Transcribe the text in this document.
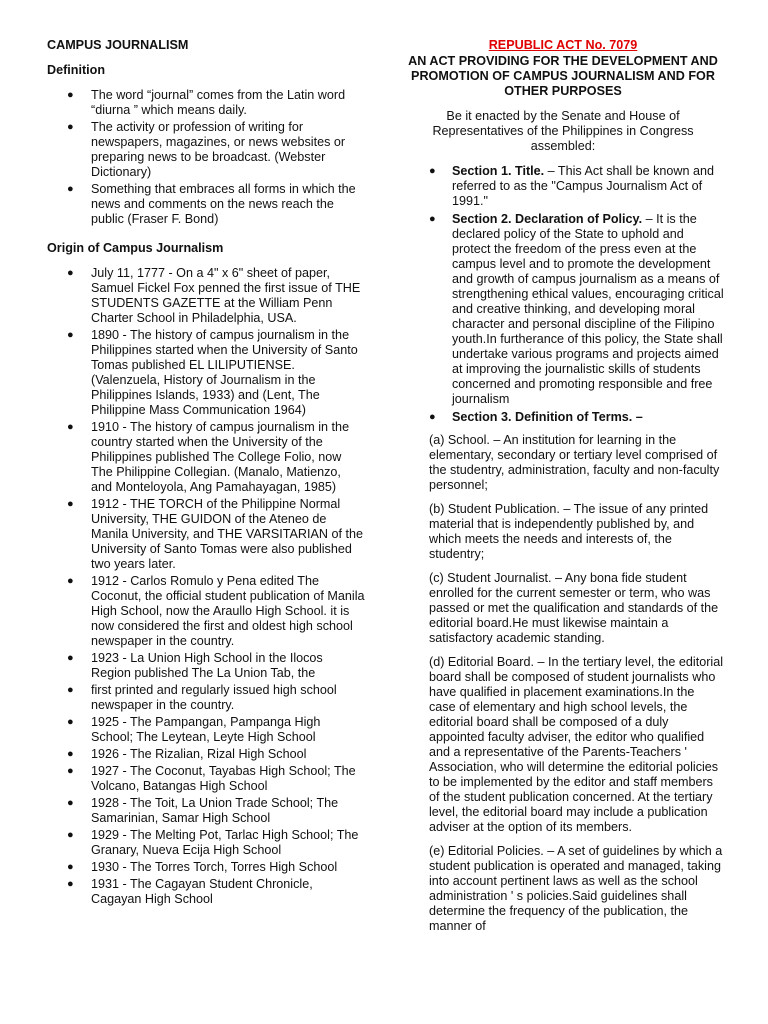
CAMPUS JOURNALISM
Definition
● The word “journal” comes from the Latin word “diurna ” which means daily.
● The activity or profession of writing for newspapers, magazines, or news websites or preparing news to be broadcast. (Webster Dictionary)
● Something that embraces all forms in which the news and comments on the news reach the public (Fraser F. Bond)
Origin of Campus Journalism
● July 11, 1777 - On a 4" x 6" sheet of paper, Samuel Fickel Fox penned the first issue of THE STUDENTS GAZETTE at the William Penn Charter School in Philadelphia, USA.
● 1890 - The history of campus journalism in the Philippines started when the University of Santo Tomas published EL LILIPUTIENSE. (Valenzuela, History of Journalism in the Philippines Islands, 1933) and (Lent, The Philippine Mass Communication 1964)
● 1910 - The history of campus journalism in the country started when the University of the Philippines published The College Folio, now The Philippine Collegian. (Manalo, Matienzo, and Monteloyola, Ang Pamahayagan, 1985)
● 1912 - THE TORCH of the Philippine Normal University, THE GUIDON of the Ateneo de Manila University, and THE VARSITARIAN of the University of Santo Tomas were also published two years later.
● 1912 - Carlos Romulo y Pena edited The Coconut, the official student publication of Manila High School, now the Araullo High School. it is now considered the first and oldest high school newspaper in the country.
● 1923 - La Union High School in the Ilocos Region published The La Union Tab, the
● first printed and regularly issued high school newspaper in the country.
● 1925 - The Pampangan, Pampanga High School; The Leytean, Leyte High School
● 1926 - The Rizalian, Rizal High School
● 1927 - The Coconut, Tayabas High School; The Volcano, Batangas High School
● 1928 - The Toit, La Union Trade School; The Samarinian, Samar High School
● 1929 - The Melting Pot, Tarlac High School; The Granary, Nueva Ecija High School
● 1930 - The Torres Torch, Torres High School
● 1931 - The Cagayan Student Chronicle, Cagayan High School
REPUBLIC ACT No. 7079
AN ACT PROVIDING FOR THE DEVELOPMENT AND PROMOTION OF CAMPUS JOURNALISM AND FOR OTHER PURPOSES
Be it enacted by the Senate and House of Representatives of the Philippines in Congress assembled:
● Section 1. Title. – This Act shall be known and referred to as the "Campus Journalism Act of 1991."
● Section 2. Declaration of Policy. – It is the declared policy of the State to uphold and protect the freedom of the press even at the campus level and to promote the development and growth of campus journalism as a means of strengthening ethical values, encouraging critical and creative thinking, and developing moral character and personal discipline of the Filipino youth.In furtherance of this policy, the State shall undertake various programs and projects aimed at improving the journalistic skills of students concerned and promoting responsible and free journalism
● Section 3. Definition of Terms. –

(a) School. – An institution for learning in the elementary, secondary or tertiary level comprised of the studentry, administration, faculty and non-faculty personnel;

(b) Student Publication. – The issue of any printed material that is independently published by, and which meets the needs and interests of, the studentry;

(c) Student Journalist. – Any bona fide student enrolled for the current semester or term, who was passed or met the qualification and standards of the editorial board.He must likewise maintain a satisfactory academic standing.

(d) Editorial Board. – In the tertiary level, the editorial board shall be composed of student journalists who have qualified in placement examinations.In the case of elementary and high school levels, the editorial board shall be composed of a duly appointed faculty adviser, the editor who qualified and a representative of the Parents-Teachers ' Association, who will determine the editorial policies to be implemented by the editor and staff members of the student publication concerned. At the tertiary level, the editorial board may include a publication adviser at the option of its members.

(e) Editorial Policies. – A set of guidelines by which a student publication is operated and managed, taking into account pertinent laws as well as the school administration ' s policies.Said guidelines shall determine the frequency of the publication, the manner of
